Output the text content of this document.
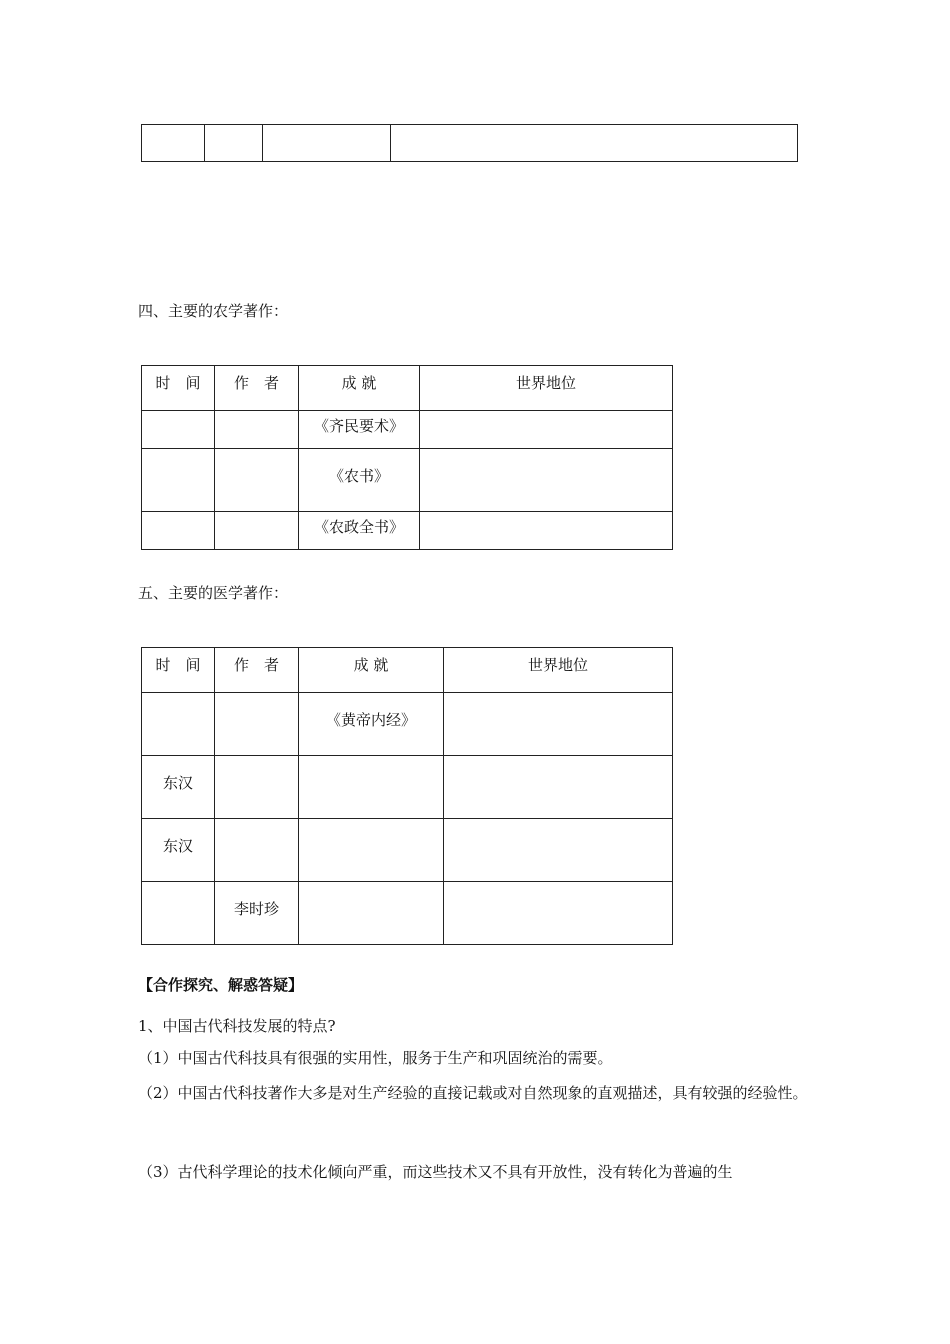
四、主要的农学著作：
时　间	作　者	成 就	世界地位
		《齐民要术》	
		《农书》	
		《农政全书》	
五、主要的医学著作：
时　间	作　者	成 就	世界地位
		《黄帝内经》	
东汉			
东汉			
	李时珍		
【合作探究、解惑答疑】
1、中国古代科技发展的特点?
（1）中国古代科技具有很强的实用性，服务于生产和巩固统治的需要。
（2）中国古代科技著作大多是对生产经验的直接记载或对自然现象的直观描述，具有较强的经验性。
（3）古代科学理论的技术化倾向严重，而这些技术又不具有开放性，没有转化为普遍的生
